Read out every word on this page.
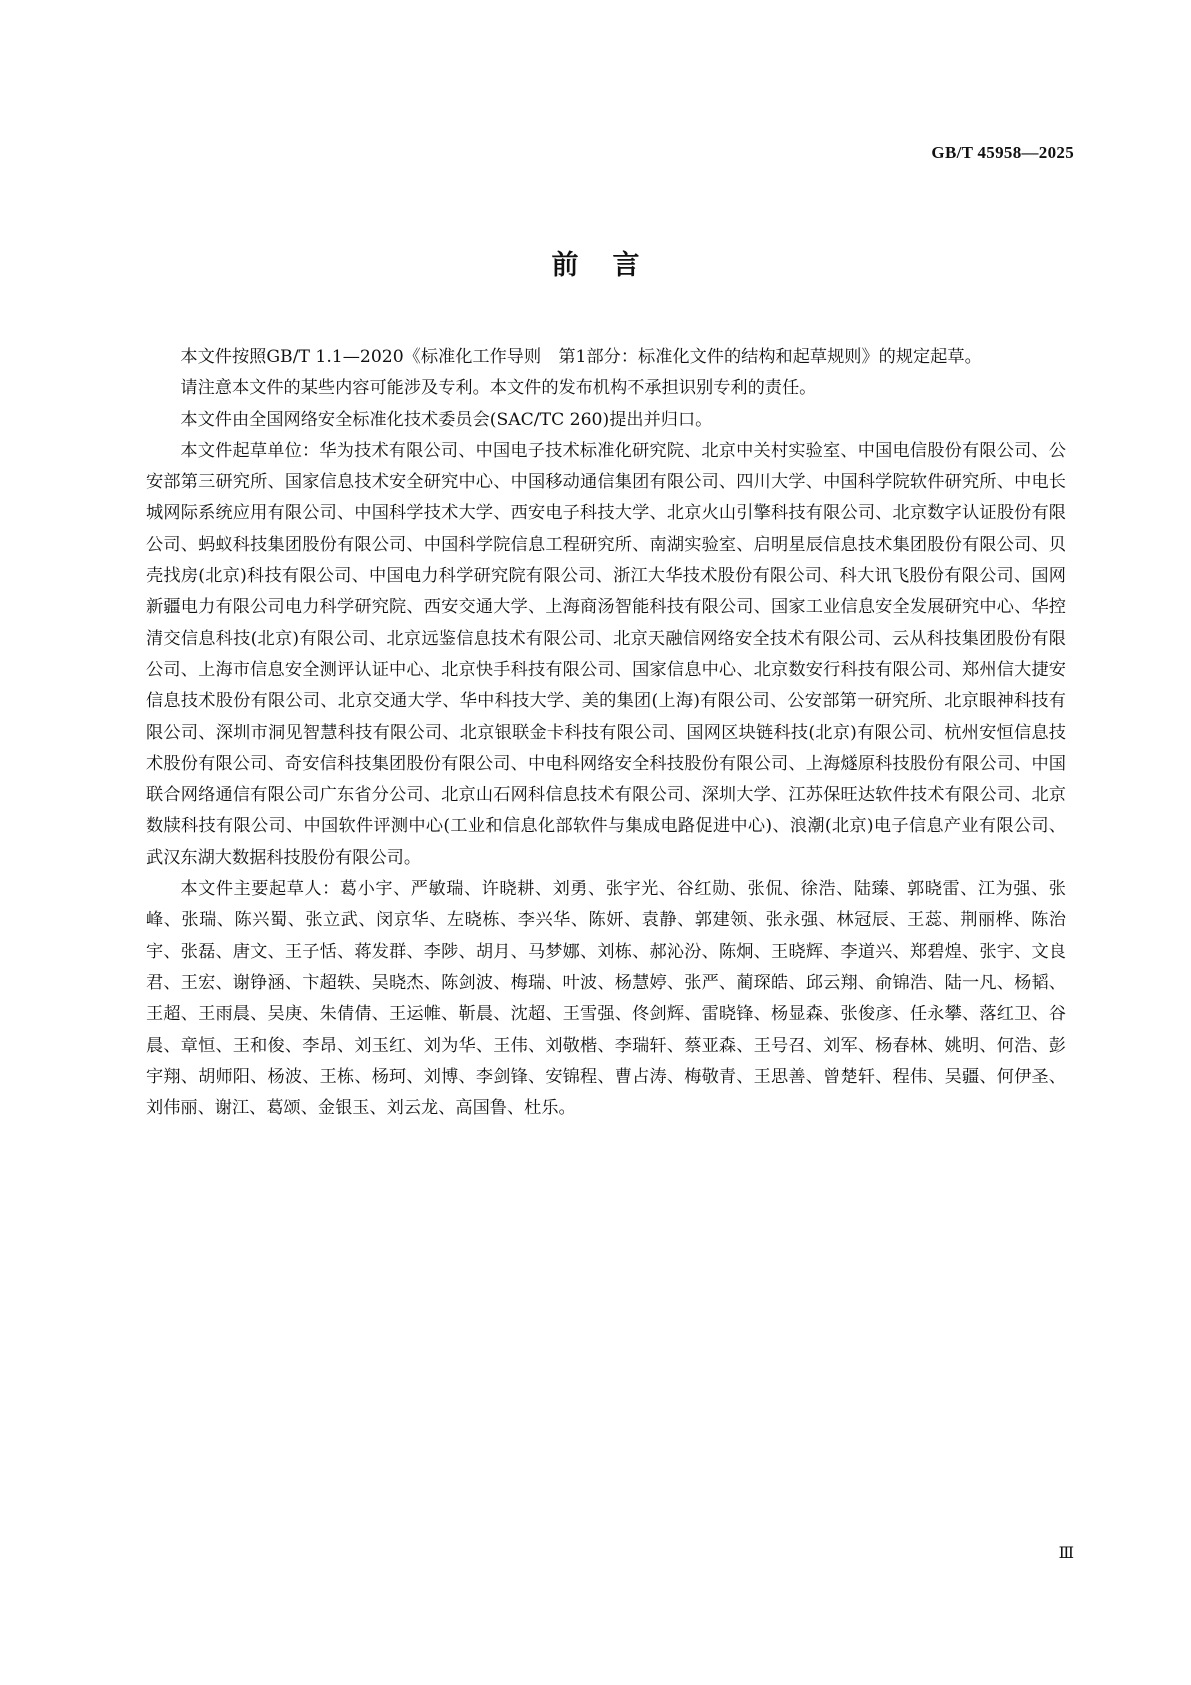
GB/T 45958—2025
前言

本文件按照GB/T 1.1—2020《标准化工作导则　第1部分：标准化文件的结构和起草规则》的规定起草。

请注意本文件的某些内容可能涉及专利。本文件的发布机构不承担识别专利的责任。

本文件由全国网络安全标准化技术委员会(SAC/TC 260)提出并归口。

本文件起草单位：华为技术有限公司、中国电子技术标准化研究院、北京中关村实验室、中国电信股份有限公司、公安部第三研究所、国家信息技术安全研究中心、中国移动通信集团有限公司、四川大学、中国科学院软件研究所、中电长城网际系统应用有限公司、中国科学技术大学、西安电子科技大学、北京火山引擎科技有限公司、北京数字认证股份有限公司、蚂蚁科技集团股份有限公司、中国科学院信息工程研究所、南湖实验室、启明星辰信息技术集团股份有限公司、贝壳找房(北京)科技有限公司、中国电力科学研究院有限公司、浙江大华技术股份有限公司、科大讯飞股份有限公司、国网新疆电力有限公司电力科学研究院、西安交通大学、上海商汤智能科技有限公司、国家工业信息安全发展研究中心、华控清交信息科技(北京)有限公司、北京远鉴信息技术有限公司、北京天融信网络安全技术有限公司、云从科技集团股份有限公司、上海市信息安全测评认证中心、北京快手科技有限公司、国家信息中心、北京数安行科技有限公司、郑州信大捷安信息技术股份有限公司、北京交通大学、华中科技大学、美的集团(上海)有限公司、公安部第一研究所、北京眼神科技有限公司、深圳市洞见智慧科技有限公司、北京银联金卡科技有限公司、国网区块链科技(北京)有限公司、杭州安恒信息技术股份有限公司、奇安信科技集团股份有限公司、中电科网络安全科技股份有限公司、上海燧原科技股份有限公司、中国联合网络通信有限公司广东省分公司、北京山石网科信息技术有限公司、深圳大学、江苏保旺达软件技术有限公司、北京数牍科技有限公司、中国软件评测中心(工业和信息化部软件与集成电路促进中心)、浪潮(北京)电子信息产业有限公司、武汉东湖大数据科技股份有限公司。

本文件主要起草人：葛小宇、严敏瑞、许晓耕、刘勇、张宇光、谷红勋、张侃、徐浩、陆臻、郭晓雷、江为强、张峰、张瑞、陈兴蜀、张立武、闵京华、左晓栋、李兴华、陈妍、袁静、郭建领、张永强、林冠辰、王蕊、荆丽桦、陈治宇、张磊、唐文、王子恬、蒋发群、李陟、胡月、马梦娜、刘栋、郝沁汾、陈炯、王晓辉、李道兴、郑碧煌、张宇、文良君、王宏、谢铮涵、卞超轶、吴晓杰、陈剑波、梅瑞、叶波、杨慧婷、张严、蔺琛皓、邱云翔、俞锦浩、陆一凡、杨韬、王超、王雨晨、吴庚、朱倩倩、王运帷、靳晨、沈超、王雪强、佟剑辉、雷晓锋、杨显森、张俊彦、任永攀、落红卫、谷晨、章恒、王和俊、李昂、刘玉红、刘为华、王伟、刘敬楷、李瑞轩、蔡亚森、王号召、刘军、杨春林、姚明、何浩、彭宇翔、胡师阳、杨波、王栋、杨珂、刘博、李剑锋、安锦程、曹占涛、梅敬青、王思善、曾楚轩、程伟、吴疆、何伊圣、刘伟丽、谢江、葛颂、金银玉、刘云龙、高国鲁、杜乐。

Ⅲ
